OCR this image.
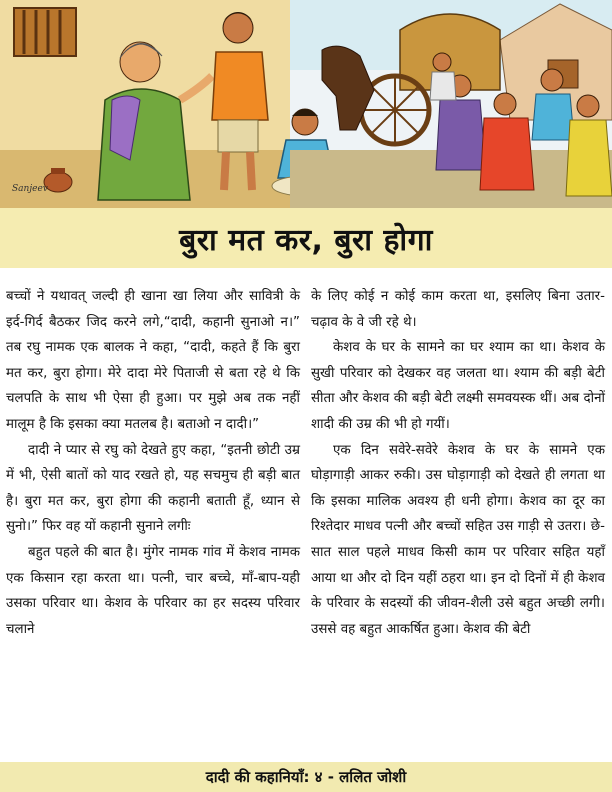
Sanjeev
बुरा मत कर, बुरा होगा

बच्चों ने यथावत् जल्दी ही खाना खा लिया और सावित्री के इर्द-गिर्द बैठकर जिद करने लगे,“दादी, कहानी सुनाओ न।” तब रघु नामक एक बालक ने कहा, “दादी, कहते हैं कि बुरा मत कर, बुरा होगा। मेरे दादा मेरे पिताजी से बता रहे थे कि चलपति के साथ भी ऐसा ही हुआ। पर मुझे अब तक नहीं मालूम है कि इसका क्या मतलब है। बताओ न दादी।”

दादी ने प्यार से रघु को देखते हुए कहा, “इतनी छोटी उम्र में भी, ऐसी बातों को याद रखते हो, यह सचमुच ही बड़ी बात है। बुरा मत कर, बुरा होगा की कहानी बताती हूँ, ध्यान से सुनो।” फिर वह यों कहानी सुनाने लगीः

बहुत पहले की बात है। मुंगेर नामक गांव में केशव नामक एक किसान रहा करता था। पत्नी, चार बच्चे, माँ-बाप-यही उसका परिवार था। केशव के परिवार का हर सदस्य परिवार चलाने

के लिए कोई न कोई काम करता था, इसलिए बिना उतार-चढ़ाव के वे जी रहे थे।

केशव के घर के सामने का घर श्याम का था। केशव के सुखी परिवार को देखकर वह जलता था। श्याम की बड़ी बेटी सीता और केशव की बड़ी बेटी लक्ष्मी समवयस्क थीं। अब दोनों शादी की उम्र की भी हो गयीं।

एक दिन सवेरे-सवेरे केशव के घर के सामने एक घोड़ागाड़ी आकर रुकी। उस घोड़ागाड़ी को देखते ही लगता था कि इसका मालिक अवश्य ही धनी होगा। केशव का दूर का रिश्तेदार माधव पत्नी और बच्चों सहित उस गाड़ी से उतरा। छे-सात साल पहले माधव किसी काम पर परिवार सहित यहाँ आया था और दो दिन यहीं ठहरा था। इन दो दिनों में ही केशव के परिवार के सदस्यों की जीवन-शैली उसे बहुत अच्छी लगी। उससे वह बहुत आकर्षित हुआ। केशव की बेटी

दादी की कहानियाँ: ४ - ललित जोशी
